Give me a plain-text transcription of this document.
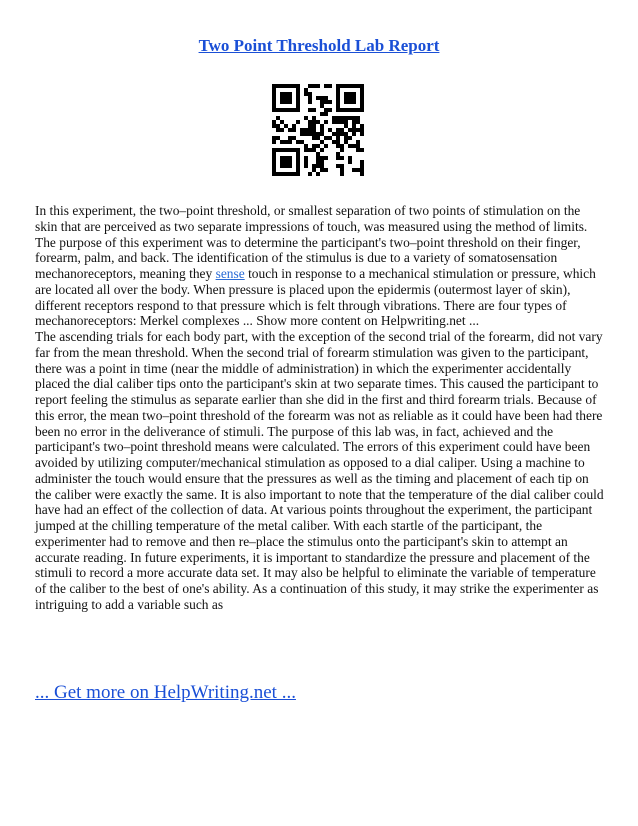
Two Point Threshold Lab Report

In this experiment, the two–point threshold, or smallest separation of two points of stimulation on the skin that are perceived as two separate impressions of touch, was measured using the method of limits. The purpose of this experiment was to determine the participant's two–point threshold on their finger, forearm, palm, and back. The identification of the stimulus is due to a variety of somatosensation mechanoreceptors, meaning they sense touch in response to a mechanical stimulation or pressure, which are located all over the body. When pressure is placed upon the epidermis (outermost layer of skin), different receptors respond to that pressure which is felt through vibrations. There are four types of mechanoreceptors: Merkel complexes ... Show more content on Helpwriting.net ...

The ascending trials for each body part, with the exception of the second trial of the forearm, did not vary far from the mean threshold. When the second trial of forearm stimulation was given to the participant, there was a point in time (near the middle of administration) in which the experimenter accidentally placed the dial caliber tips onto the participant's skin at two separate times. This caused the participant to report feeling the stimulus as separate earlier than she did in the first and third forearm trials. Because of this error, the mean two–point threshold of the forearm was not as reliable as it could have been had there been no error in the deliverance of stimuli. The purpose of this lab was, in fact, achieved and the participant's two–point threshold means were calculated. The errors of this experiment could have been avoided by utilizing computer/mechanical stimulation as opposed to a dial caliper. Using a machine to administer the touch would ensure that the pressures as well as the timing and placement of each tip on the caliber were exactly the same. It is also important to note that the temperature of the dial caliber could have had an effect of the collection of data. At various points throughout the experiment, the participant jumped at the chilling temperature of the metal caliber. With each startle of the participant, the experimenter had to remove and then re–place the stimulus onto the participant's skin to attempt an accurate reading. In future experiments, it is important to standardize the pressure and placement of the stimuli to record a more accurate data set. It may also be helpful to eliminate the variable of temperature of the caliber to the best of one's ability. As a continuation of this study, it may strike the experimenter as intriguing to add a variable such as

... Get more on HelpWriting.net ...
